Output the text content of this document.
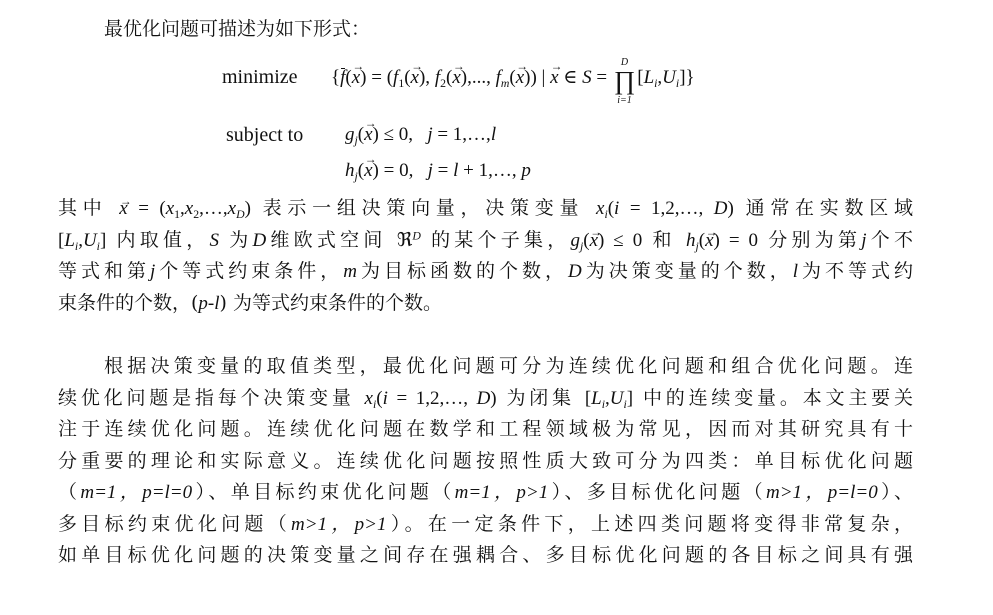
最优化问题可描述为如下形式：
minimize {$f(\to x) = (f_1(\to x)$, $f_2(\to x)$,..., $f_m(\to x)$) | → x ∈ S =
D
∏
i=1
$[L_i,U_i]$}
subject to $g_j(\to x) \le 0$,   j = 1,…,l
$h_j(\to x) = 0$,   j = l + 1,…, p
其中 → $x = (x_1,x_2,\dots,x_D)$ 表示一组决策向量，决策变量 $x_i(i$ = 1,2,…, D) 通常在实数区域
$[L_i,U_i]$ 内取值，S 为D维欧式空间 ℜ$^D$ 的某个子集，$g_j(\to x) \le 0$ 和 $h_j(\to x) = 0$ 分别为第j个不
等式和第j个等式约束条件，m为目标函数的个数，D为决策变量的个数，l为不等式约
束条件的个数，(p-l) 为等式约束条件的个数。
根据决策变量的取值类型，最优化问题可分为连续优化问题和组合优化问题。连
续优化问题是指每个决策变量 $x_i(i$ = 1,2,…, D) 为闭集 $[L_i,U_i]$ 中的连续变量。本文主要关
注于连续优化问题。连续优化问题在数学和工程领域极为常见，因而对其研究具有十
分重要的理论和实际意义。连续优化问题按照性质大致可分为四类：单目标优化问题
（m=1，p=l=0）、单目标约束优化问题（m=1，p>1）、多目标优化问题（m>1，p=l=0）、
多目标约束优化问题（m>1，p>1）。在一定条件下，上述四类问题将变得非常复杂，
如单目标优化问题的决策变量之间存在强耦合、多目标优化问题的各目标之间具有强
